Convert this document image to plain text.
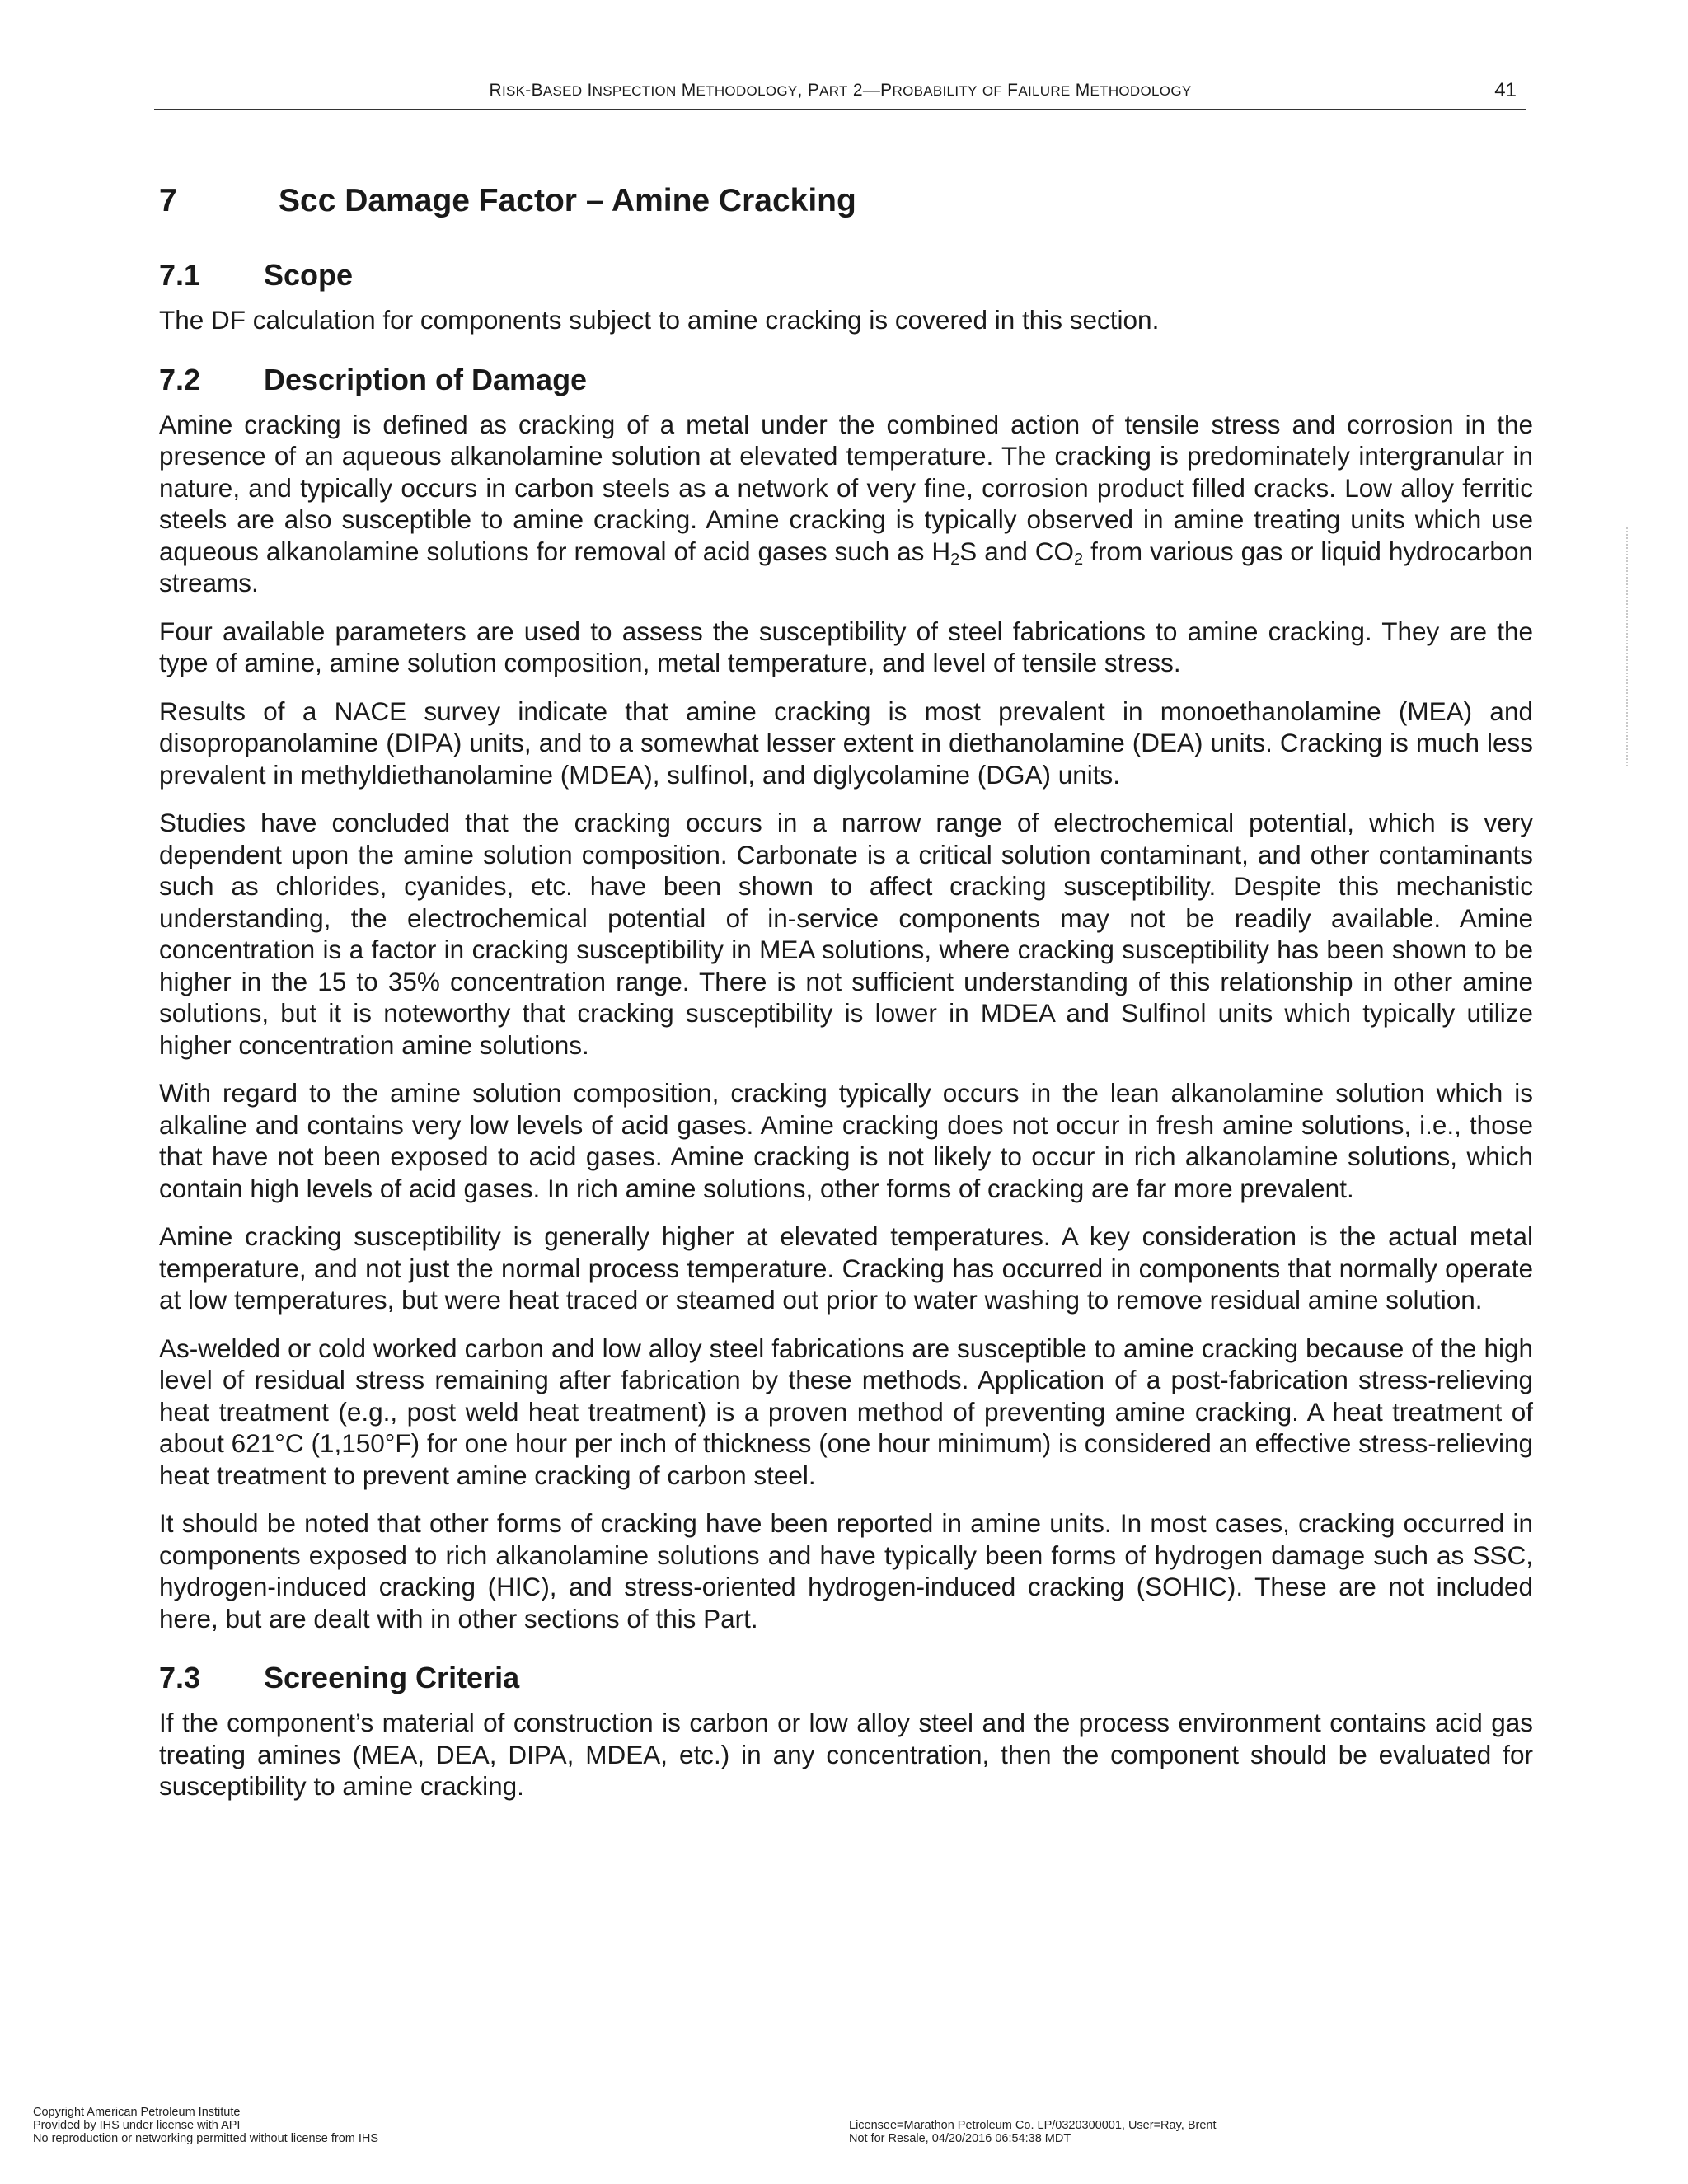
RISK-BASED INSPECTION METHODOLOGY, PART 2—PROBABILITY OF FAILURE METHODOLOGY	41
7	Scc Damage Factor – Amine Cracking
7.1 Scope

The DF calculation for components subject to amine cracking is covered in this section.

7.2 Description of Damage

Amine cracking is defined as cracking of a metal under the combined action of tensile stress and corrosion in the presence of an aqueous alkanolamine solution at elevated temperature. The cracking is predominately intergranular in nature, and typically occurs in carbon steels as a network of very fine, corrosion product filled cracks. Low alloy ferritic steels are also susceptible to amine cracking. Amine cracking is typically observed in amine treating units which use aqueous alkanolamine solutions for removal of acid gases such as $H_2S$ and $CO_2$ from various gas or liquid hydrocarbon streams.

Four available parameters are used to assess the susceptibility of steel fabrications to amine cracking. They are the type of amine, amine solution composition, metal temperature, and level of tensile stress.

Results of a NACE survey indicate that amine cracking is most prevalent in monoethanolamine (MEA) and disopropanolamine (DIPA) units, and to a somewhat lesser extent in diethanolamine (DEA) units. Cracking is much less prevalent in methyldiethanolamine (MDEA), sulfinol, and diglycolamine (DGA) units.

Studies have concluded that the cracking occurs in a narrow range of electrochemical potential, which is very dependent upon the amine solution composition. Carbonate is a critical solution contaminant, and other contaminants such as chlorides, cyanides, etc. have been shown to affect cracking susceptibility. Despite this mechanistic understanding, the electrochemical potential of in-service components may not be readily available. Amine concentration is a factor in cracking susceptibility in MEA solutions, where cracking susceptibility has been shown to be higher in the 15 to 35% concentration range. There is not sufficient understanding of this relationship in other amine solutions, but it is noteworthy that cracking susceptibility is lower in MDEA and Sulfinol units which typically utilize higher concentration amine solutions.

With regard to the amine solution composition, cracking typically occurs in the lean alkanolamine solution which is alkaline and contains very low levels of acid gases. Amine cracking does not occur in fresh amine solutions, i.e., those that have not been exposed to acid gases. Amine cracking is not likely to occur in rich alkanolamine solutions, which contain high levels of acid gases. In rich amine solutions, other forms of cracking are far more prevalent.

Amine cracking susceptibility is generally higher at elevated temperatures. A key consideration is the actual metal temperature, and not just the normal process temperature. Cracking has occurred in components that normally operate at low temperatures, but were heat traced or steamed out prior to water washing to remove residual amine solution.

As-welded or cold worked carbon and low alloy steel fabrications are susceptible to amine cracking because of the high level of residual stress remaining after fabrication by these methods. Application of a post-fabrication stress-relieving heat treatment (e.g., post weld heat treatment) is a proven method of preventing amine cracking. A heat treatment of about 621°C (1,150°F) for one hour per inch of thickness (one hour minimum) is considered an effective stress-relieving heat treatment to prevent amine cracking of carbon steel.

It should be noted that other forms of cracking have been reported in amine units. In most cases, cracking occurred in components exposed to rich alkanolamine solutions and have typically been forms of hydrogen damage such as SSC, hydrogen-induced cracking (HIC), and stress-oriented hydrogen-induced cracking (SOHIC). These are not included here, but are dealt with in other sections of this Part.

7.3 Screening Criteria

If the component’s material of construction is carbon or low alloy steel and the process environment contains acid gas treating amines (MEA, DEA, DIPA, MDEA, etc.) in any concentration, then the component should be evaluated for susceptibility to amine cracking.

Copyright American Petroleum Institute
Provided by IHS under license with API
No reproduction or networking permitted without license from IHS
Licensee=Marathon Petroleum Co. LP/0320300001, User=Ray, Brent
Not for Resale, 04/20/2016 06:54:38 MDT
